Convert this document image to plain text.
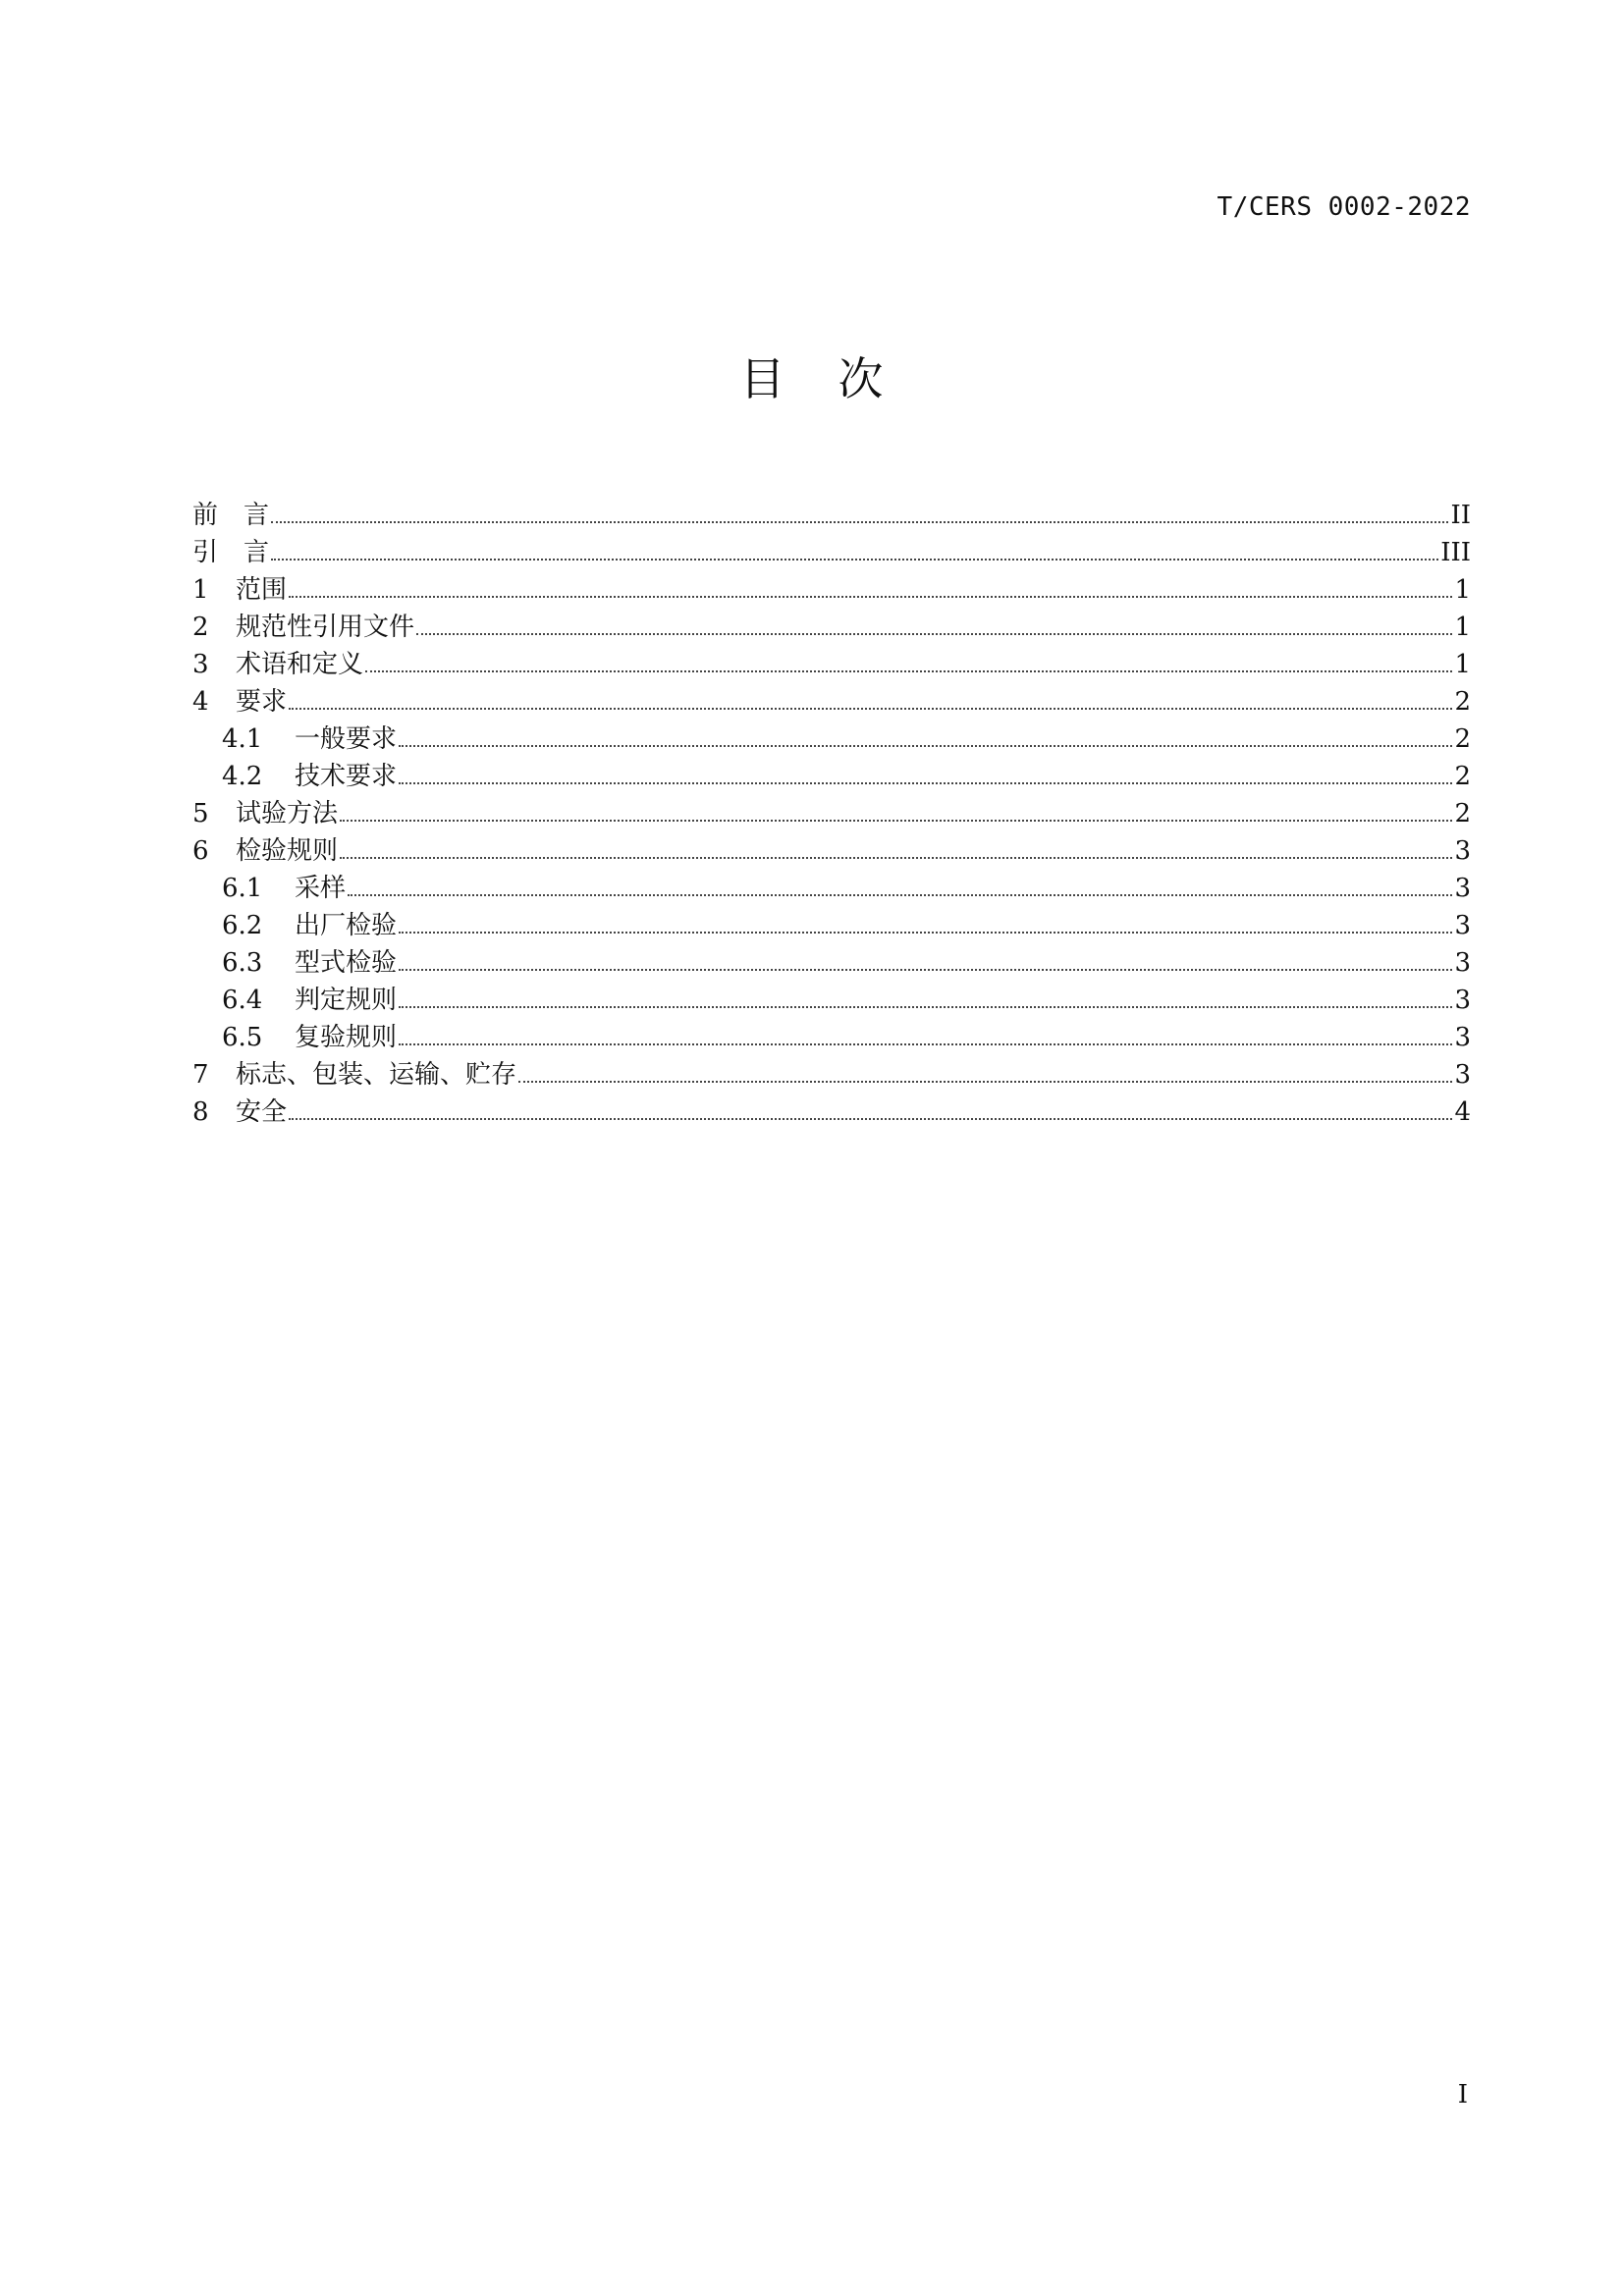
T/CERS 0002-2022
目 次
前　言	II
引　言	III
1	范围	1
2	规范性引用文件	1
3	术语和定义	1
4	要求	2
4.1	一般要求	2
4.2	技术要求	2
5	试验方法	2
6	检验规则	3
6.1	采样	3
6.2	出厂检验	3
6.3	型式检验	3
6.4	判定规则	3
6.5	复验规则	3
7	标志、包装、运输、贮存	3
8	安全	4
I
